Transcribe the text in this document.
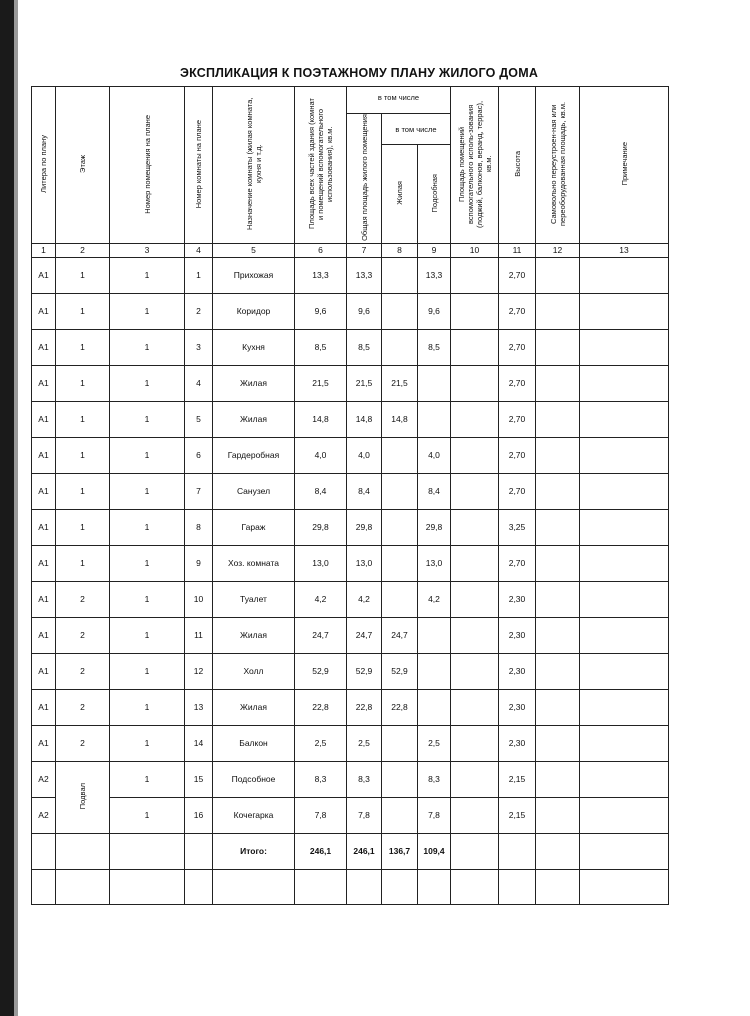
ЭКСПЛИКАЦИЯ К ПОЭТАЖНОМУ ПЛАНУ ЖИЛОГО ДОМА
Литера по плану	Этаж	Номер помещения на плане	Номер комнаты на плане	Назначение комнаты (жилая комната, кухня и т.д.	Площадь всех частей здания (комнат и помещений вспомогательного использования), кв.м.	в том числе			Площадь помещений вспомогательного исполь-зования (лоджий, балконов, веранд, террас), кв.м.	Высота	Самовольно переустроен-ная или переоборудованная площадь, кв.м.	Примечание
						Общая площадь жилого помещения	в том числе					
							Жилая	Подсобная				
1	2	3	4	5	6	7	8	9	10	11	12	13
А1	1	1	1	Прихожая	13,3	13,3		13,3		2,70		
А1	1	1	2	Коридор	9,6	9,6		9,6		2,70		
А1	1	1	3	Кухня	8,5	8,5		8,5		2,70		
А1	1	1	4	Жилая	21,5	21,5	21,5			2,70		
А1	1	1	5	Жилая	14,8	14,8	14,8			2,70		
А1	1	1	6	Гардеробная	4,0	4,0		4,0		2,70		
А1	1	1	7	Санузел	8,4	8,4		8,4		2,70		
А1	1	1	8	Гараж	29,8	29,8		29,8		3,25		
А1	1	1	9	Хоз. комната	13,0	13,0		13,0		2,70		
А1	2	1	10	Туалет	4,2	4,2		4,2		2,30		
А1	2	1	11	Жилая	24,7	24,7	24,7			2,30		
А1	2	1	12	Холл	52,9	52,9	52,9			2,30		
А1	2	1	13	Жилая	22,8	22,8	22,8			2,30		
А1	2	1	14	Балкон	2,5	2,5		2,5		2,30		
А2	Подвал	1	15	Подсобное	8,3	8,3		8,3		2,15		
А2		1	16	Кочегарка	7,8	7,8		7,8		2,15		
				Итого:	246,1	246,1	136,7	109,4				
